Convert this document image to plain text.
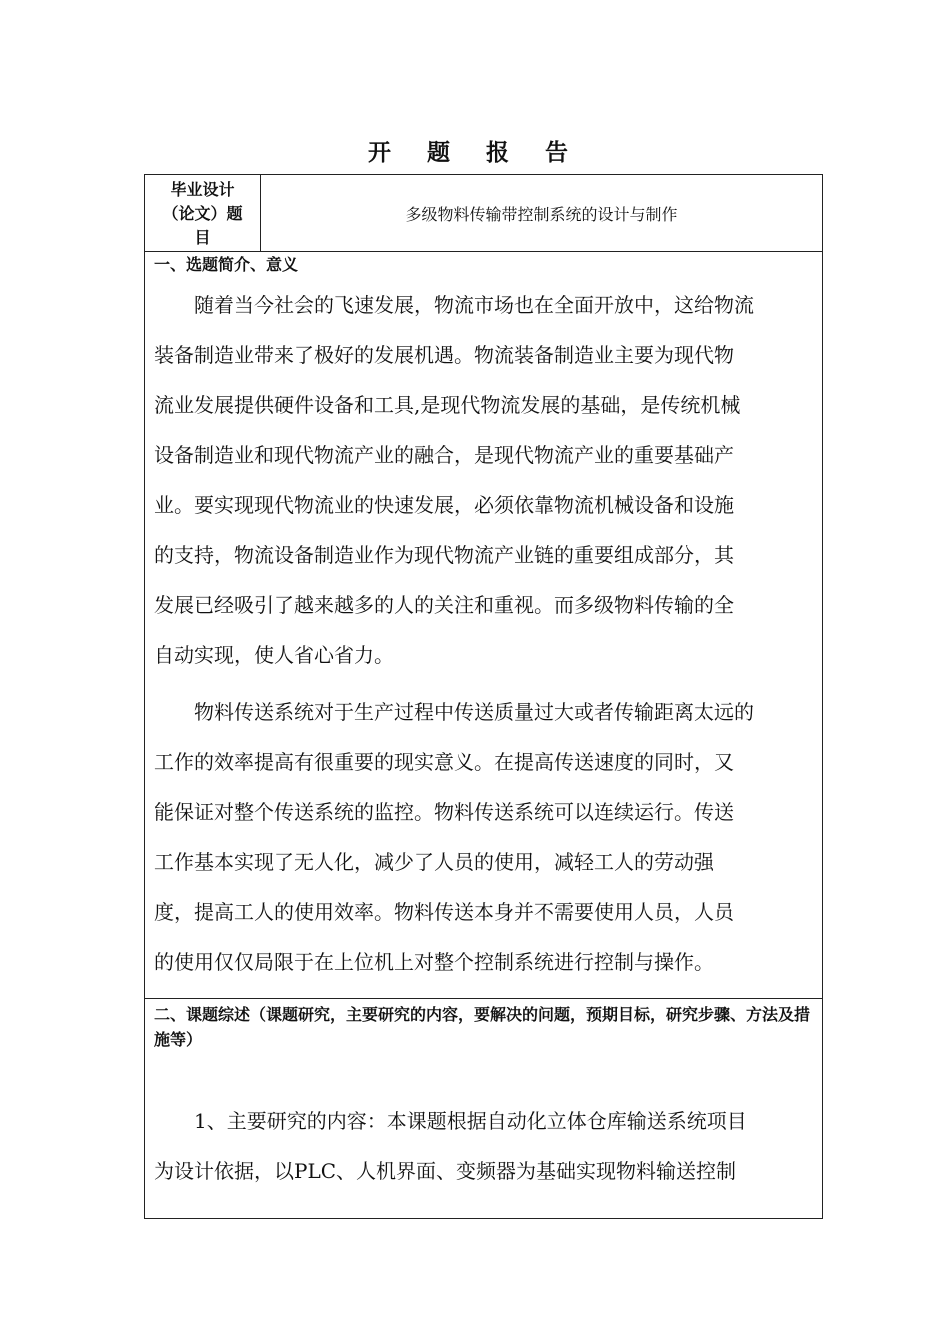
开 题 报 告
毕业设计
（论文）题
目
多级物料传输带控制系统的设计与制作
一、选题简介、意义
　　随着当今社会的飞速发展，物流市场也在全面开放中，这给物流
装备制造业带来了极好的发展机遇。物流装备制造业主要为现代物
流业发展提供硬件设备和工具,是现代物流发展的基础，是传统机械
设备制造业和现代物流产业的融合，是现代物流产业的重要基础产
业。要实现现代物流业的快速发展，必须依靠物流机械设备和设施
的支持，物流设备制造业作为现代物流产业链的重要组成部分，其
发展已经吸引了越来越多的人的关注和重视。而多级物料传输的全
自动实现，使人省心省力。
　　物料传送系统对于生产过程中传送质量过大或者传输距离太远的
工作的效率提高有很重要的现实意义。在提高传送速度的同时，又
能保证对整个传送系统的监控。物料传送系统可以连续运行。传送
工作基本实现了无人化，减少了人员的使用，减轻工人的劳动强
度，提高工人的使用效率。物料传送本身并不需要使用人员，人员
的使用仅仅局限于在上位机上对整个控制系统进行控制与操作。
二、课题综述（课题研究，主要研究的内容，要解决的问题，预期目标，研究步骤、方法及措施等）
　　1、主要研究的内容：本课题根据自动化立体仓库输送系统项目
为设计依据，以PLC、人机界面、变频器为基础实现物料输送控制
